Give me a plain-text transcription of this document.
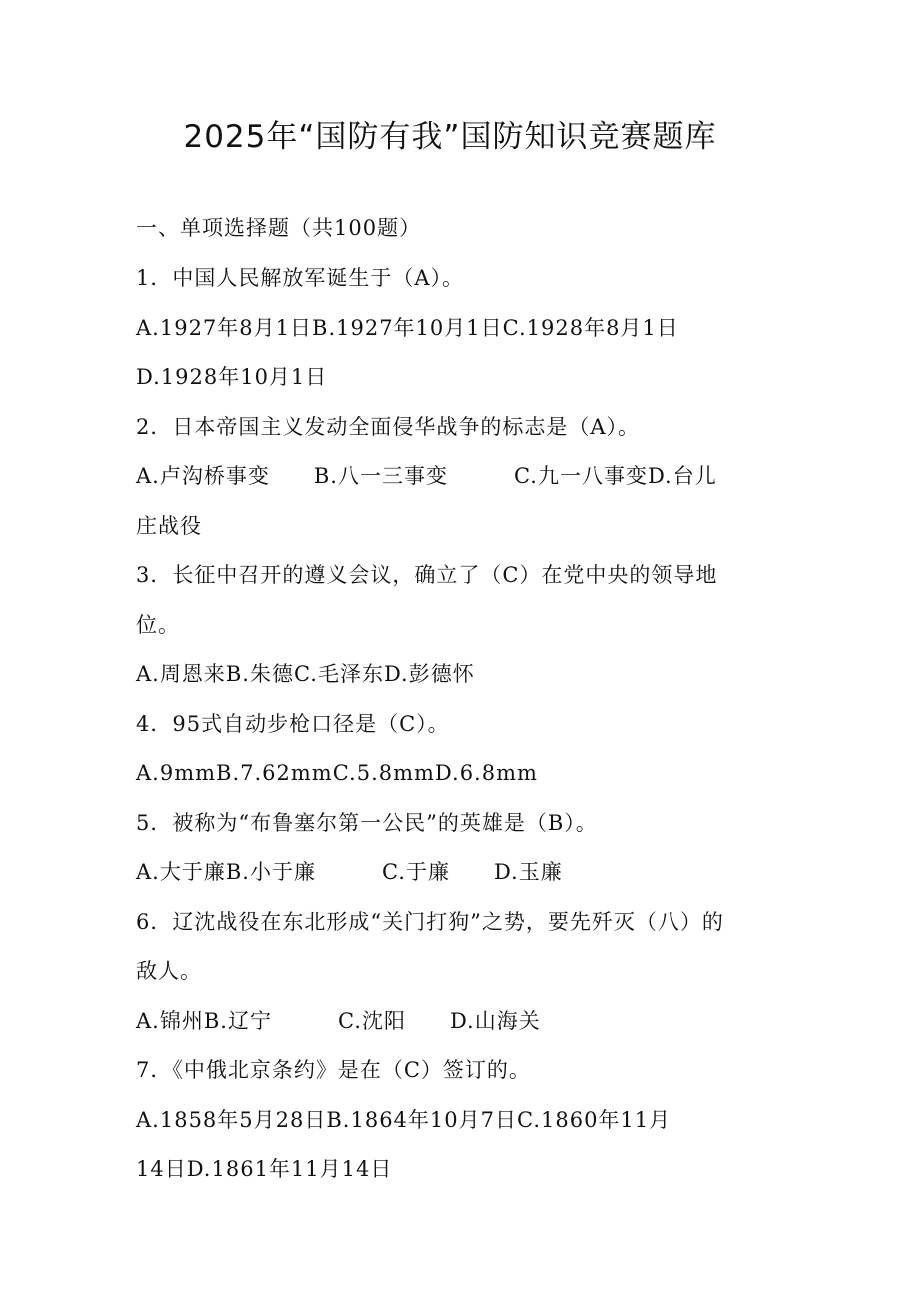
2025年“国防有我”国防知识竞赛题库

一、单项选择题（共100题）

1．中国人民解放军诞生于（A）。

A.1927年8月1日B.1927年10月1日C.1928年8月1日

D.1928年10月1日

2．日本帝国主义发动全面侵华战争的标志是（A）。

A.卢沟桥事变　　B.八一三事变　　　C.九一八事变D.台儿

庄战役

3．长征中召开的遵义会议，确立了（C）在党中央的领导地

位。

A.周恩来B.朱德C.毛泽东D.彭德怀

4．95式自动步枪口径是（C）。

A.9mmB.7.62mmC.5.8mmD.6.8mm

5．被称为“布鲁塞尔第一公民”的英雄是（B）。

A.大于廉B.小于廉　　　C.于廉　　D.玉廉

6．辽沈战役在东北形成“关门打狗”之势，要先歼灭（八）的

敌人。

A.锦州B.辽宁　　　C.沈阳　　D.山海关

7．《中俄北京条约》是在（C）签订的。

A.1858年5月28日B.1864年10月7日C.1860年11月

14日D.1861年11月14日
